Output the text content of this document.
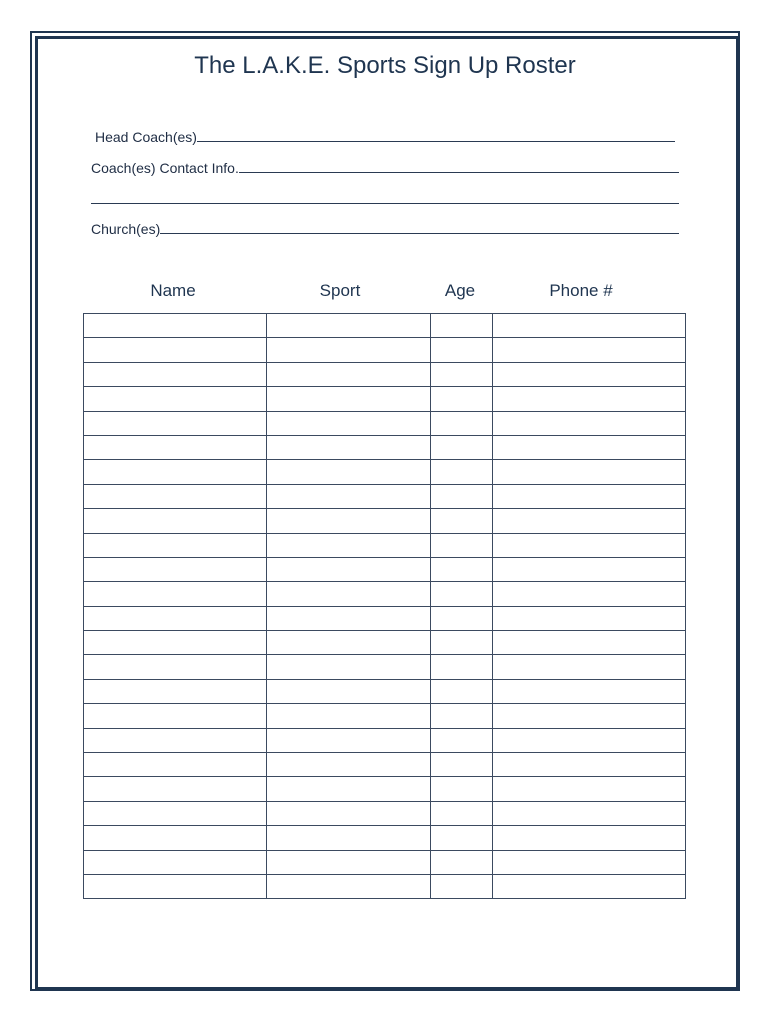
The L.A.K.E. Sports Sign Up Roster
Head Coach(es)
Coach(es) Contact Info.
Church(es)
Name	Sport	Age	Phone #
